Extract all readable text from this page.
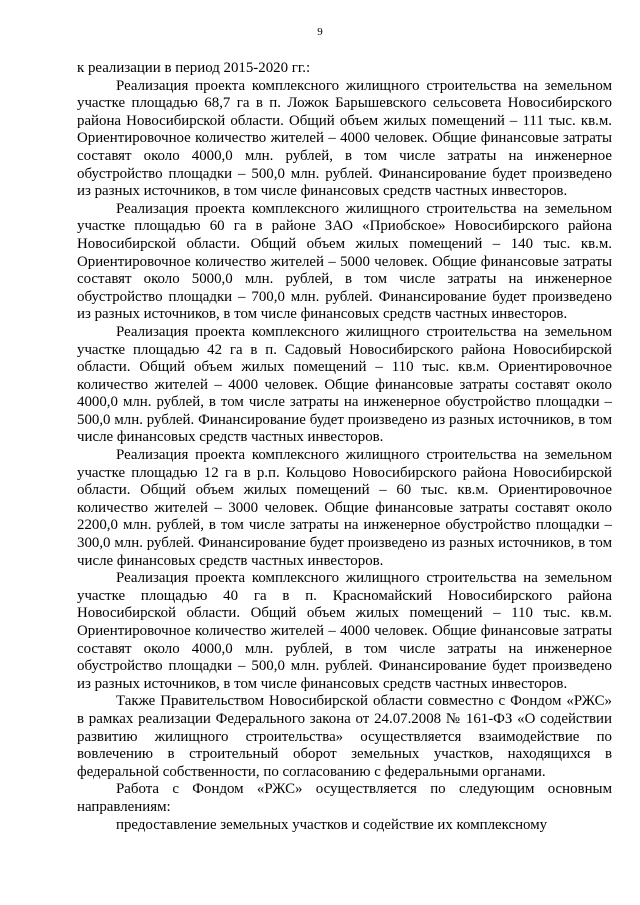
9

к реализации в период 2015-2020 гг.:

Реализация проекта комплексного жилищного строительства на земельном участке площадью 68,7 га в п. Ложок Барышевского сельсовета Новосибирского района Новосибирской области. Общий объем жилых помещений – 111 тыс. кв.м. Ориентировочное количество жителей – 4000 человек. Общие финансовые затраты составят около 4000,0 млн. рублей, в том числе затраты на инженерное обустройство площадки – 500,0 млн. рублей. Финансирование будет произведено из разных источников, в том числе финансовых средств частных инвесторов.

Реализация проекта комплексного жилищного строительства на земельном участке площадью 60 га в районе ЗАО «Приобское» Новосибирского района Новосибирской области. Общий объем жилых помещений – 140 тыс. кв.м. Ориентировочное количество жителей – 5000 человек. Общие финансовые затраты составят около 5000,0 млн. рублей, в том числе затраты на инженерное обустройство площадки – 700,0 млн. рублей. Финансирование будет произведено из разных источников, в том числе финансовых средств частных инвесторов.

Реализация проекта комплексного жилищного строительства на земельном участке площадью 42 га в п. Садовый Новосибирского района Новосибирской области. Общий объем жилых помещений – 110 тыс. кв.м. Ориентировочное количество жителей – 4000 человек. Общие финансовые затраты составят около 4000,0 млн. рублей, в том числе затраты на инженерное обустройство площадки – 500,0 млн. рублей. Финансирование будет произведено из разных источников, в том числе финансовых средств частных инвесторов.

Реализация проекта комплексного жилищного строительства на земельном участке площадью 12 га в р.п. Кольцово Новосибирского района Новосибирской области. Общий объем жилых помещений – 60 тыс. кв.м. Ориентировочное количество жителей – 3000 человек. Общие финансовые затраты составят около 2200,0 млн. рублей, в том числе затраты на инженерное обустройство площадки – 300,0 млн. рублей. Финансирование будет произведено из разных источников, в том числе финансовых средств частных инвесторов.

Реализация проекта комплексного жилищного строительства на земельном участке площадью 40 га в п. Красномайский Новосибирского района Новосибирской области. Общий объем жилых помещений – 110 тыс. кв.м. Ориентировочное количество жителей – 4000 человек. Общие финансовые затраты составят около 4000,0 млн. рублей, в том числе затраты на инженерное обустройство площадки – 500,0 млн. рублей. Финансирование будет произведено из разных источников, в том числе финансовых средств частных инвесторов.

Также Правительством Новосибирской области совместно с Фондом «РЖС» в рамках реализации Федерального закона от 24.07.2008 № 161-ФЗ «О содействии развитию жилищного строительства» осуществляется взаимодействие по вовлечению в строительный оборот земельных участков, находящихся в федеральной собственности, по согласованию с федеральными органами.

Работа с Фондом «РЖС» осуществляется по следующим основным направлениям:

предоставление земельных участков и содействие их комплексному
